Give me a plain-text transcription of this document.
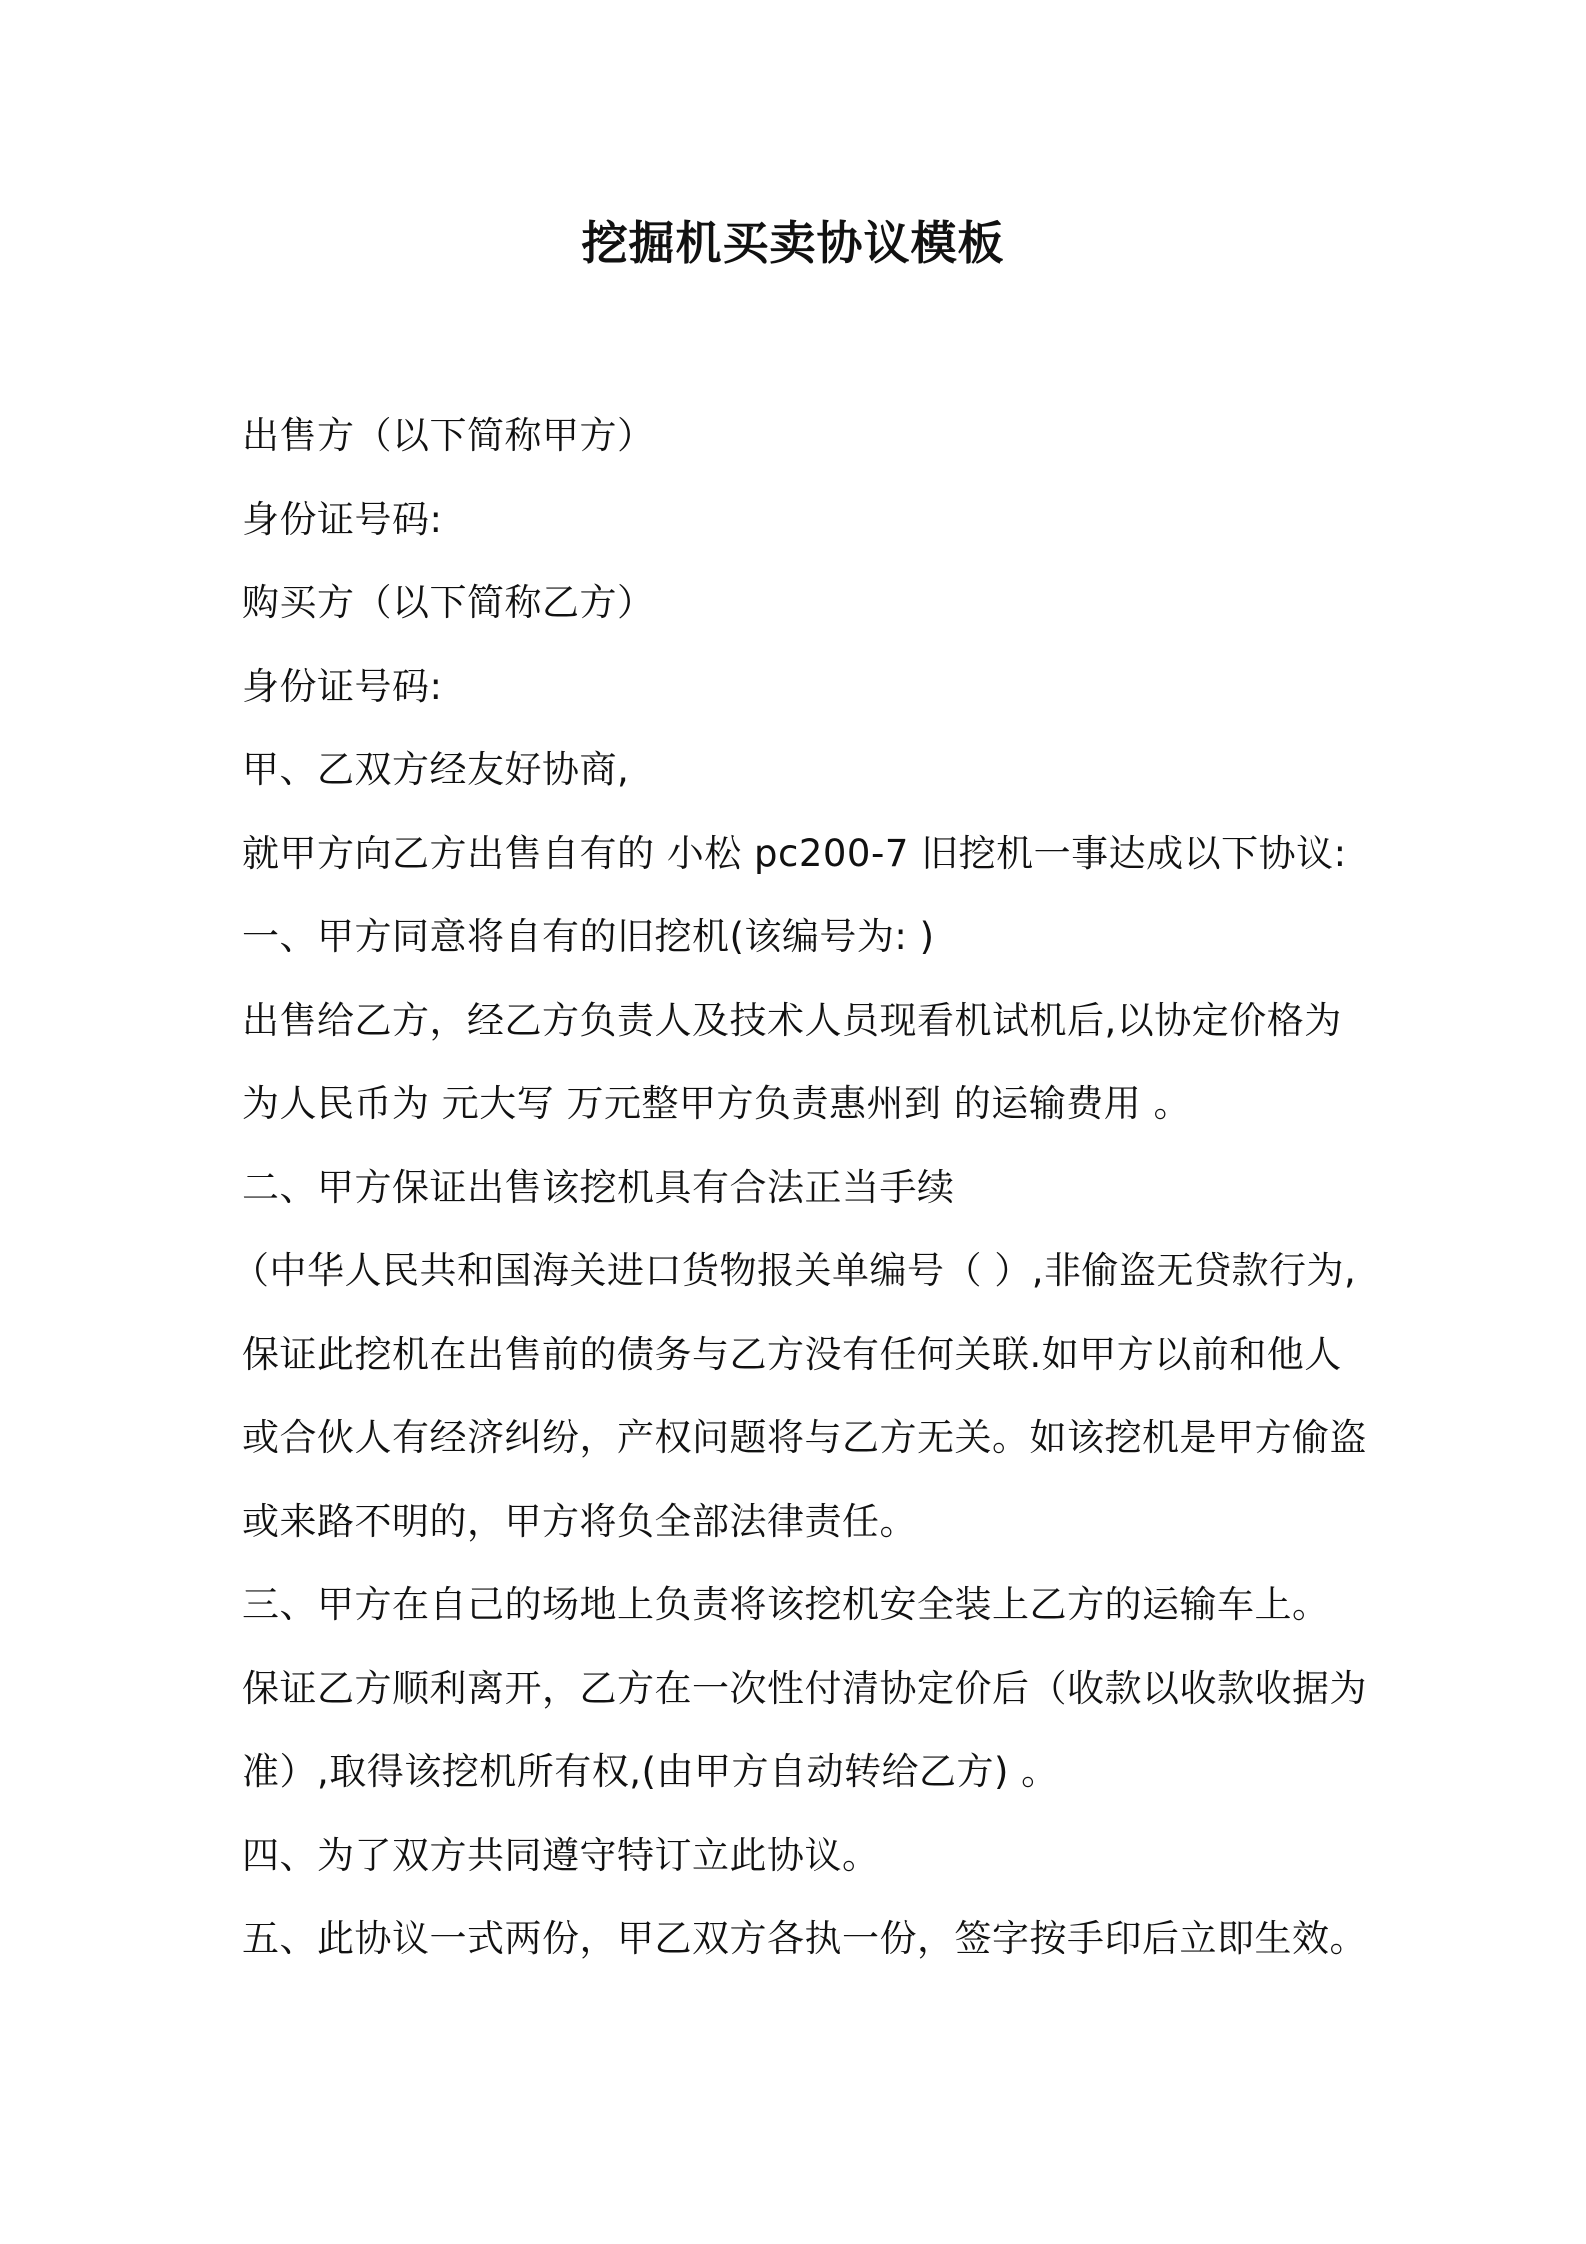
挖掘机买卖协议模板
出售方（以下简称甲方）
身份证号码:
购买方（以下简称乙方）
身份证号码:
甲、乙双方经友好协商,
就甲方向乙方出售自有的 小松 pc200-7 旧挖机一事达成以下协议:
一、甲方同意将自有的旧挖机(该编号为: )
出售给乙方，经乙方负责人及技术人员现看机试机后,以协定价格为
为人民币为 元大写 万元整甲方负责惠州到 的运输费用 。
二、甲方保证出售该挖机具有合法正当手续
（中华人民共和国海关进口货物报关单编号（ ）,非偷盗无贷款行为,
保证此挖机在出售前的债务与乙方没有任何关联.如甲方以前和他人
或合伙人有经济纠纷，产权问题将与乙方无关。如该挖机是甲方偷盗
或来路不明的，甲方将负全部法律责任。
三、甲方在自己的场地上负责将该挖机安全装上乙方的运输车上。
保证乙方顺利离开，乙方在一次性付清协定价后（收款以收款收据为
准）,取得该挖机所有权,(由甲方自动转给乙方) 。
四、为了双方共同遵守特订立此协议。
五、此协议一式两份，甲乙双方各执一份，签字按手印后立即生效。
